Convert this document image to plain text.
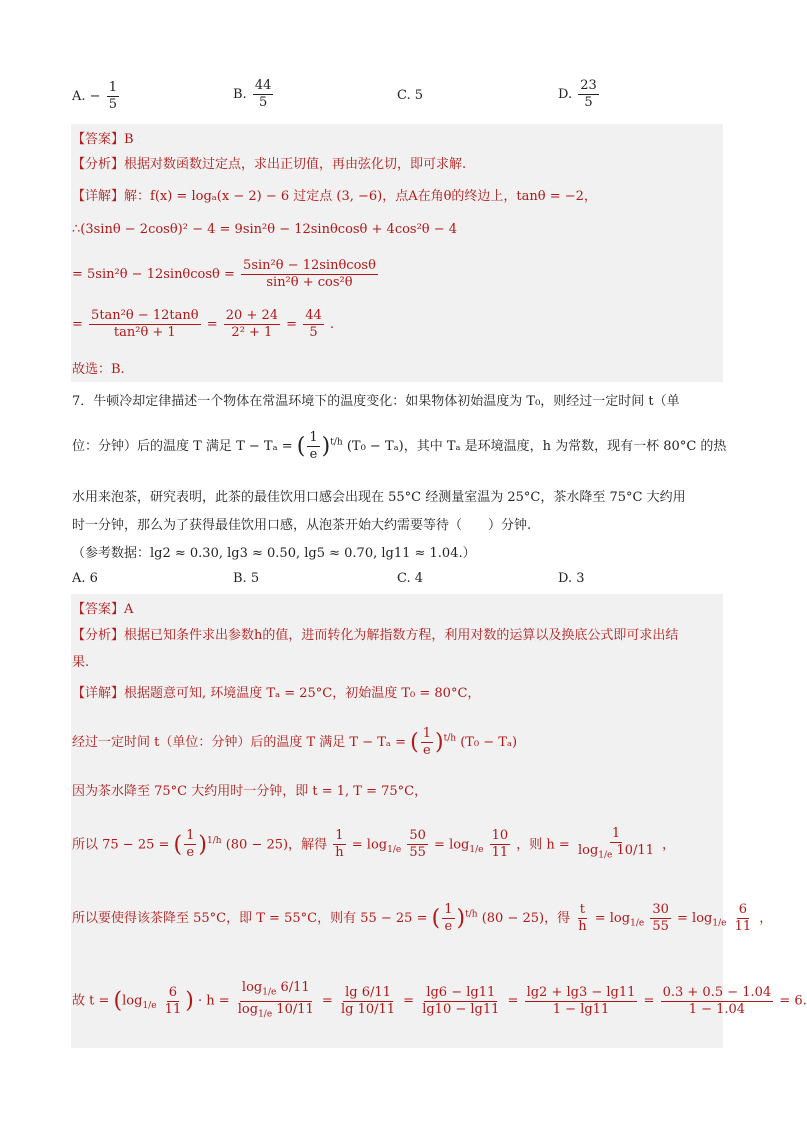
A. − $\frac{1}{5}$	B. $\frac{44}{5}$	C. 5	D. $\frac{23}{5}$
【答案】B
【分析】根据对数函数过定点，求出正切值，再由弦化切，即可求解.
【详解】解：f(x) = logₐ(x − 2) − 6 过定点 (3, −6)，点A在角θ的终边上，tanθ = −2，
∴(3sinθ − 2cosθ)² − 4 = 9sin²θ − 12sinθcosθ + 4cos²θ − 4
= $5\sin^2\theta - 12\sin\theta\cos\theta = \frac{\text{5sin²θ − 12sinθcosθ}}{\text{sin²θ + cos²θ}}$
= $\frac{\text{5tan²θ − 12tanθ}}{\text{tan²θ + 1}} = \frac{20 + 24}{\text{2² + 1}} = \frac{44}{5}$ .
故选：B.
7．牛顿冷却定律描述一个物体在常温环境下的温度变化：如果物体初始温度为 T₀，则经过一定时间 t（单
位：分钟）后的温度 T 满足 T − Tₐ = ( $\frac{1}{e} )^{t/h}$ (T₀ − Tₐ)，其中 Tₐ 是环境温度，h 为常数，现有一杯 80°C 的热
水用来泡茶，研究表明，此茶的最佳饮用口感会出现在 55°C 经测量室温为 25°C，茶水降至 75°C 大约用
时一分钟，那么为了获得最佳饮用口感，从泡茶开始大约需要等待（　　）分钟.
（参考数据：lg2 ≈ 0.30, lg3 ≈ 0.50, lg5 ≈ 0.70, lg11 ≈ 1.04.）
A. 6	B. 5	C. 4	D. 3
【答案】A
【分析】根据已知条件求出参数h的值，进而转化为解指数方程，利用对数的运算以及换底公式即可求出结
果.
【详解】根据题意可知, 环境温度 Tₐ = 25°C，初始温度 T₀ = 80°C，
经过一定时间 t（单位：分钟）后的温度 T 满足 T − Tₐ = ( $\frac{1}{e} )^{t/h}$ (T₀ − Tₐ)
因为茶水降至 75°C 大约用时一分钟，即 t = 1, T = 75°C，
所以 75 − 25 = ( $\frac{1}{e} )^{1/h}$ (80 − 25)，解得 $\frac{1}{h} = \log_{1/e} \frac{50}{55} = \log_{1/e} \frac{10}{11}$ ，则 $h = \frac{1}{\log_{1/e} 10/11}$ ，
所以要使得该茶降至 55°C，即 T = 55°C，则有 55 − 25 = ( $\frac{1}{e} )^{t/h}$ (80 − 25)，得 $\frac{t}{h} = \log_{1/e} \frac{30}{55} = \log_{1/e} \frac{6}{11}$ ，
故 $t = (\log_{1/e} \frac{6}{11}$ ) · $h = \frac{\log_{1/e} 6/11}{\log_{1/e} 10/11} = \frac{\lg 6/11}{\lg 10/11} = \frac{\lg 6 - \lg 11}{\lg 10 - \lg 11} = \frac{\lg 2 + \lg 3 - \lg 11}{1 - \lg 11} = \frac{0.3 + 0.5 - 1.04}{1 - 1.04} = 6$.
